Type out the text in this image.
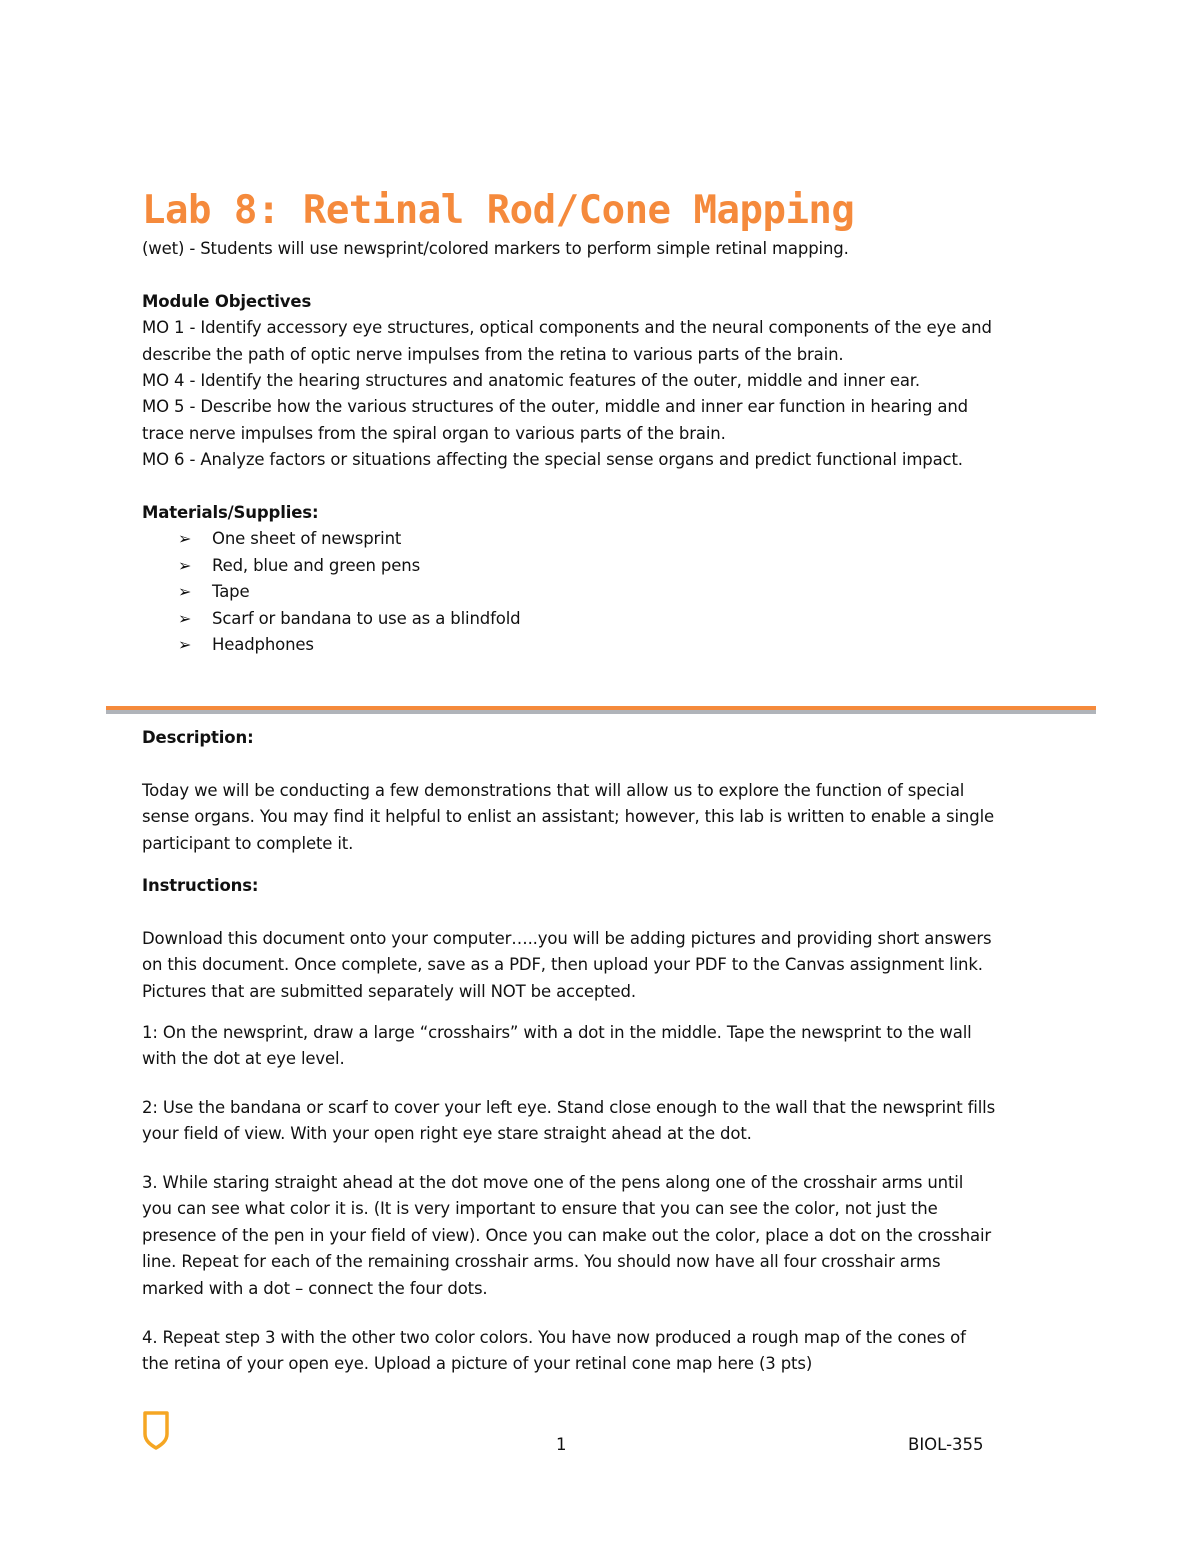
Lab 8: Retinal Rod/Cone Mapping

(wet) - Students will use newsprint/colored markers to perform simple retinal mapping.

Module Objectives

MO 1 - Identify accessory eye structures, optical components and the neural components of the eye and

describe the path of optic nerve impulses from the retina to various parts of the brain.

MO 4 - Identify the hearing structures and anatomic features of the outer, middle and inner ear.

MO 5 - Describe how the various structures of the outer, middle and inner ear function in hearing and

trace nerve impulses from the spiral organ to various parts of the brain.

MO 6 - Analyze factors or situations affecting the special sense organs and predict functional impact.

Materials/Supplies:

➢ One sheet of newsprint
➢ Red, blue and green pens
➢ Tape
➢ Scarf or bandana to use as a blindfold
➢ Headphones

Description:

Today we will be conducting a few demonstrations that will allow us to explore the function of special

sense organs. You may find it helpful to enlist an assistant; however, this lab is written to enable a single

participant to complete it.

Instructions:

Download this document onto your computer…..you will be adding pictures and providing short answers

on this document. Once complete, save as a PDF, then upload your PDF to the Canvas assignment link.

Pictures that are submitted separately will NOT be accepted.

1: On the newsprint, draw a large “crosshairs” with a dot in the middle. Tape the newsprint to the wall

with the dot at eye level.

2: Use the bandana or scarf to cover your left eye. Stand close enough to the wall that the newsprint fills

your field of view. With your open right eye stare straight ahead at the dot.

3. While staring straight ahead at the dot move one of the pens along one of the crosshair arms until

you can see what color it is. (It is very important to ensure that you can see the color, not just the

presence of the pen in your field of view). Once you can make out the color, place a dot on the crosshair

line. Repeat for each of the remaining crosshair arms. You should now have all four crosshair arms

marked with a dot – connect the four dots.

4. Repeat step 3 with the other two color colors. You have now produced a rough map of the cones of

the retina of your open eye. Upload a picture of your retinal cone map here (3 pts)

1	BIOL-355
